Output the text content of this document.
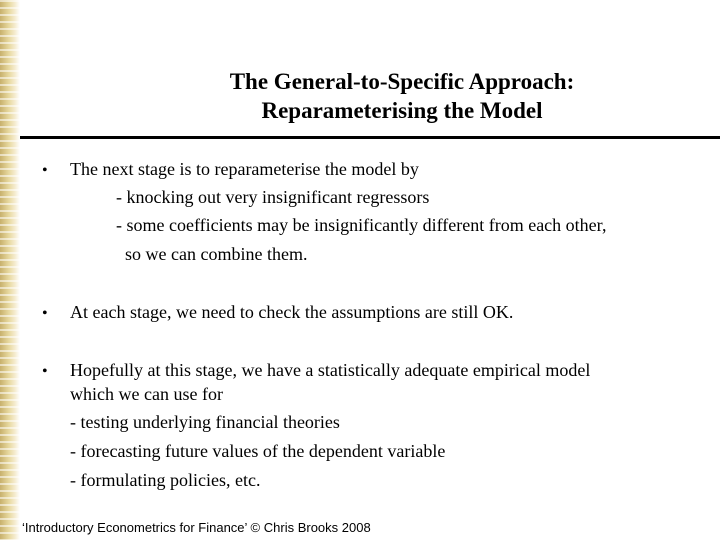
The General-to-Specific Approach:
Reparameterising the Model
• The next stage is to reparameterise the model by
- knocking out very insignificant regressors
- some coefficients may be insignificantly different from each other,
so we can combine them.
• At each stage, we need to check the assumptions are still OK.
• Hopefully at this stage, we have a statistically adequate empirical model
which we can use for
- testing underlying financial theories
- forecasting future values of the dependent variable
- formulating policies, etc.
‘Introductory Econometrics for Finance’ © Chris Brooks 2008
